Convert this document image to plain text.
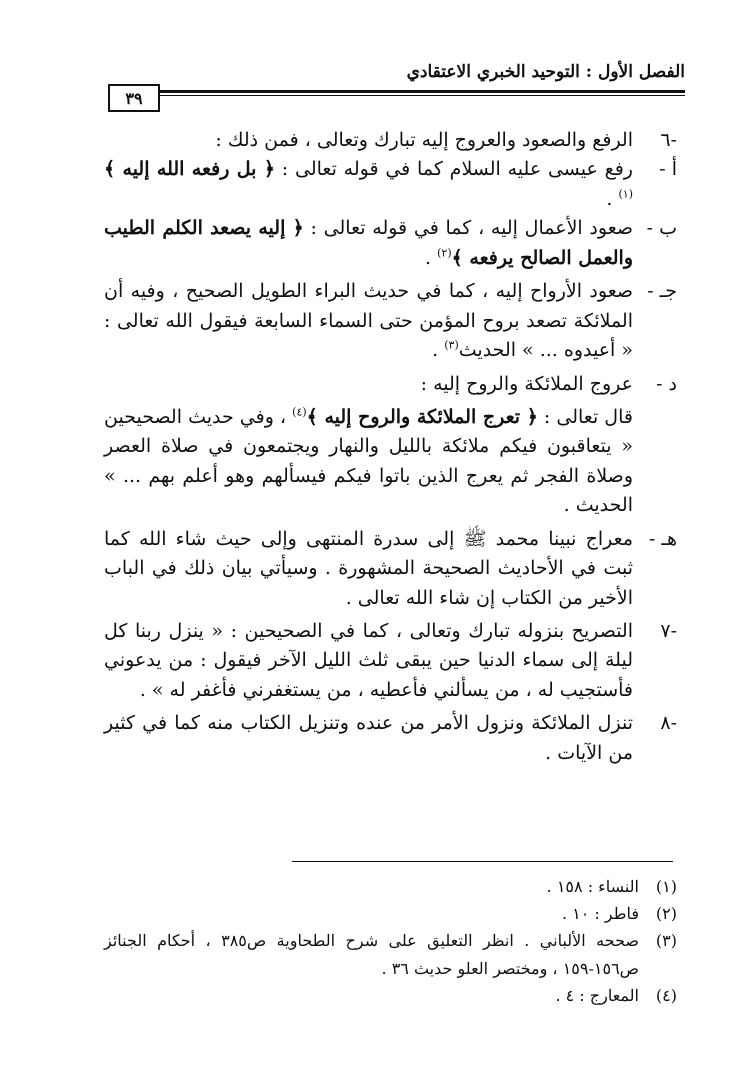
الفصل الأول : التوحيد الخبري الاعتقادي
٣٩
-٦
الرفع والصعود والعروج إليه تبارك وتعالى ، فمن ذلك :
أ -
رفع عيسى عليه السلام كما في قوله تعالى : ﴿ بل رفعه الله إليه ﴾$^{(١)}$ .
ب -
صعود الأعمال إليه ، كما في قوله تعالى : ﴿ إليه يصعد الكلم الطيب والعمل الصالح يرفعه ﴾$^{(٢)}$ .
جـ -
صعود الأرواح إليه ، كما في حديث البراء الطويل الصحيح ، وفيه أن الملائكة تصعد بروح المؤمن حتى السماء السابعة فيقول الله تعالى : « أعيدوه ... » الحديث$^{(٣)}$ .
د -
عروج الملائكة والروح إليه :
قال تعالى : ﴿ تعرج الملائكة والروح إليه ﴾$^{(٤)}$ ، وفي حديث الصحيحين « يتعاقبون فيكم ملائكة بالليل والنهار ويجتمعون في صلاة العصر وصلاة الفجر ثم يعرج الذين باتوا فيكم فيسألهم وهو أعلم بهم ... » الحديث .
هـ -
معراج نبينا محمد ﷺ إلى سدرة المنتهى وإلى حيث شاء الله كما ثبت في الأحاديث الصحيحة المشهورة . وسيأتي بيان ذلك في الباب الأخير من الكتاب إن شاء الله تعالى .
-٧
التصريح بنزوله تبارك وتعالى ، كما في الصحيحين : « ينزل ربنا كل ليلة إلى سماء الدنيا حين يبقى ثلث الليل الآخر فيقول : من يدعوني فأستجيب له ، من يسألني فأعطيه ، من يستغفرني فأغفر له » .
-٨
تنزل الملائكة ونزول الأمر من عنده وتنزيل الكتاب منه كما في كثير من الآيات .
(١)
النساء : ١٥٨ .
(٢)
فاطر : ١٠ .
(٣)
صححه الألباني . انظر التعليق على شرح الطحاوية ص٣٨٥ ، أحكام الجنائز ص١٥٦-١٥٩ ، ومختصر العلو حديث ٣٦ .
(٤)
المعارج : ٤ .
